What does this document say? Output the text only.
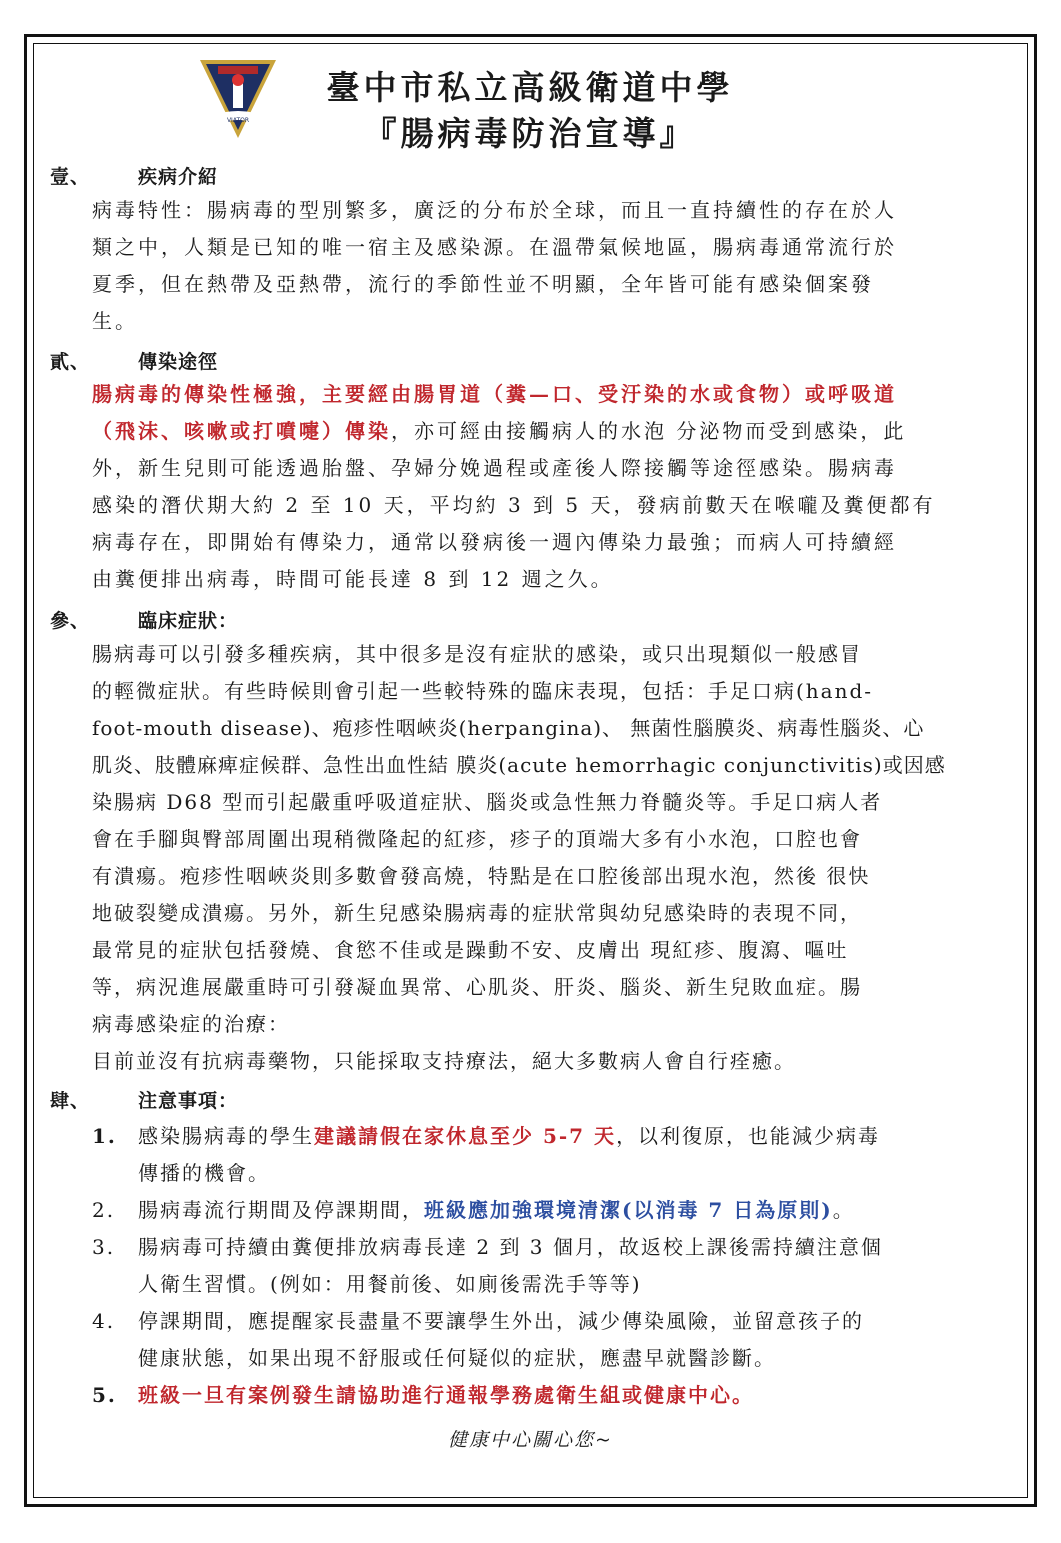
VIATOR
臺中市私立高級衛道中學
『腸病毒防治宣導』
壹、	疾病介紹
病毒特性：腸病毒的型別繁多，廣泛的分布於全球，而且一直持續性的存在於人
類之中，人類是已知的唯一宿主及感染源。在溫帶氣候地區，腸病毒通常流行於
夏季，但在熱帶及亞熱帶，流行的季節性並不明顯，全年皆可能有感染個案發
生。
貳、	傳染途徑
腸病毒的傳染性極強，主要經由腸胃道（糞—口、受汙染的水或食物）或呼吸道
（飛沫、咳嗽或打噴嚏）傳染，亦可經由接觸病人的水泡 分泌物而受到感染，此
外，新生兒則可能透過胎盤、孕婦分娩過程或產後人際接觸等途徑感染。腸病毒
感染的潛伏期大約 2 至 10 天，平均約 3 到 5 天，發病前數天在喉嚨及糞便都有
病毒存在，即開始有傳染力，通常以發病後一週內傳染力最強；而病人可持續經
由糞便排出病毒，時間可能長達 8 到 12 週之久。
參、	臨床症狀：
腸病毒可以引發多種疾病，其中很多是沒有症狀的感染，或只出現類似一般感冒
的輕微症狀。有些時候則會引起一些較特殊的臨床表現，包括：手足口病(hand-
foot-mouth disease)、疱疹性咽峽炎(herpangina)、 無菌性腦膜炎、病毒性腦炎、心
肌炎、肢體麻痺症候群、急性出血性結 膜炎(acute hemorrhagic conjunctivitis)或因感
染腸病 D68 型而引起嚴重呼吸道症狀、腦炎或急性無力脊髓炎等。手足口病人者
會在手腳與臀部周圍出現稍微隆起的紅疹，疹子的頂端大多有小水泡，口腔也會
有潰瘍。疱疹性咽峽炎則多數會發高燒，特點是在口腔後部出現水泡，然後 很快
地破裂變成潰瘍。另外，新生兒感染腸病毒的症狀常與幼兒感染時的表現不同，
最常見的症狀包括發燒、食慾不佳或是躁動不安、皮膚出 現紅疹、腹瀉、嘔吐
等，病況進展嚴重時可引發凝血異常、心肌炎、肝炎、腦炎、新生兒敗血症。腸
病毒感染症的治療：
目前並沒有抗病毒藥物，只能採取支持療法，絕大多數病人會自行痊癒。
肆、	注意事項：
1. 感染腸病毒的學生建議請假在家休息至少 5-7 天，以利復原，也能減少病毒
傳播的機會。
2. 腸病毒流行期間及停課期間，班級應加強環境清潔(以消毒 7 日為原則)。
3. 腸病毒可持續由糞便排放病毒長達 2 到 3 個月，故返校上課後需持續注意個
人衛生習慣。(例如：用餐前後、如廁後需洗手等等)
4. 停課期間，應提醒家長盡量不要讓學生外出，減少傳染風險，並留意孩子的
健康狀態，如果出現不舒服或任何疑似的症狀，應盡早就醫診斷。
5. 班級一旦有案例發生請協助進行通報學務處衛生組或健康中心。
健康中心關心您~
